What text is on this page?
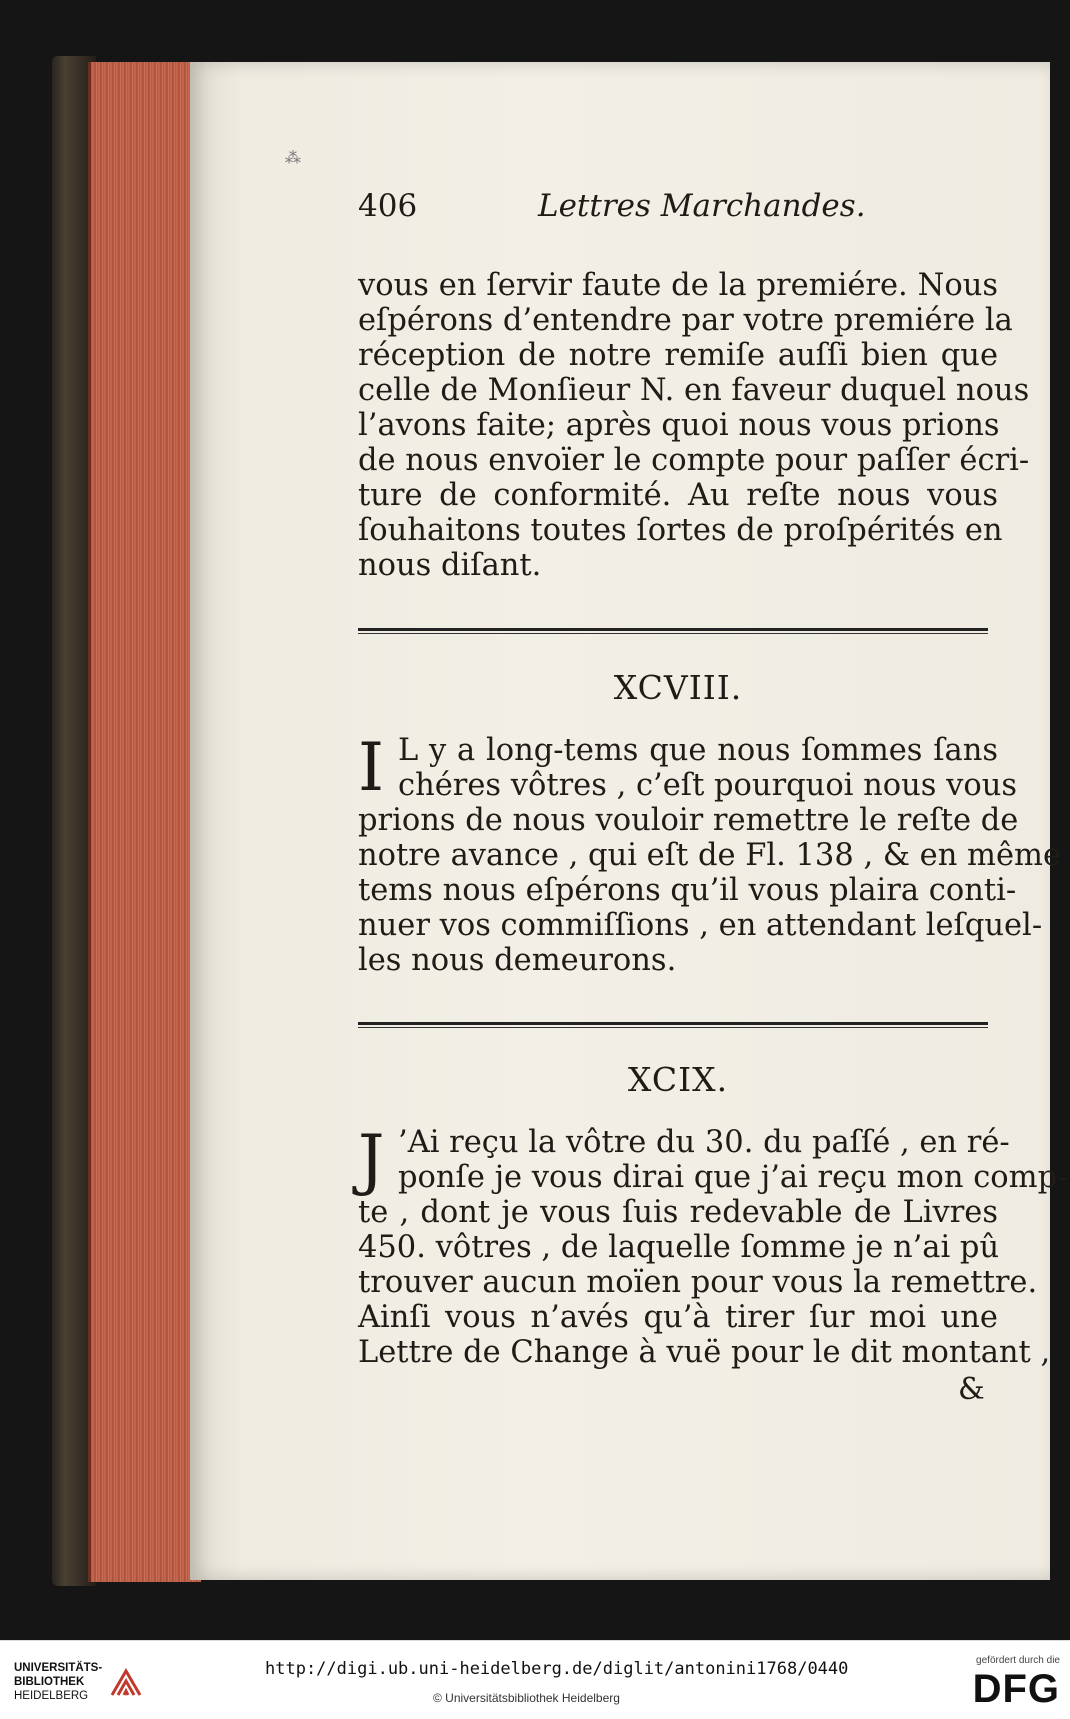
⁂
406	Lettres Marchandes.

vous en ſervir faute de la premiére. Nous

eſpérons d’entendre par votre premiére la

réception de notre remiſe auſſi bien que

celle de Monſieur N. en faveur duquel nous

l’avons faite; après quoi nous vous prions

de nous envoïer le compte pour paſſer écri-

ture de conformité. Au reſte nous vous

ſouhaitons toutes ſortes de proſpérités en

nous diſant.

XCVIII.
I L y a long-tems que nous ſommes ſans

chéres vôtres , c’eſt pourquoi nous vous

prions de nous vouloir remettre le reſte de

notre avance , qui eſt de Fl. 138 , & en même

tems nous eſpérons qu’il vous plaira conti-

nuer vos commiſſions , en attendant leſquel-

les nous demeurons.

XCIX.
J ’Ai reçu la vôtre du 30. du paſſé , en ré-

ponſe je vous dirai que j’ai reçu mon comp-

te , dont je vous ſuis redevable de Livres

450. vôtres , de laquelle ſomme je n’ai pû

trouver aucun moïen pour vous la remettre.

Ainſi vous n’avés qu’à tirer ſur moi une

Lettre de Change à vuë pour le dit montant ,

&
UNIVERSITÄTS-
BIBLIOTHEK
HEIDELBERG
http://digi.ub.uni-heidelberg.de/diglit/antonini1768/0440
© Universitätsbibliothek Heidelberg
gefördert durch die
DFG
